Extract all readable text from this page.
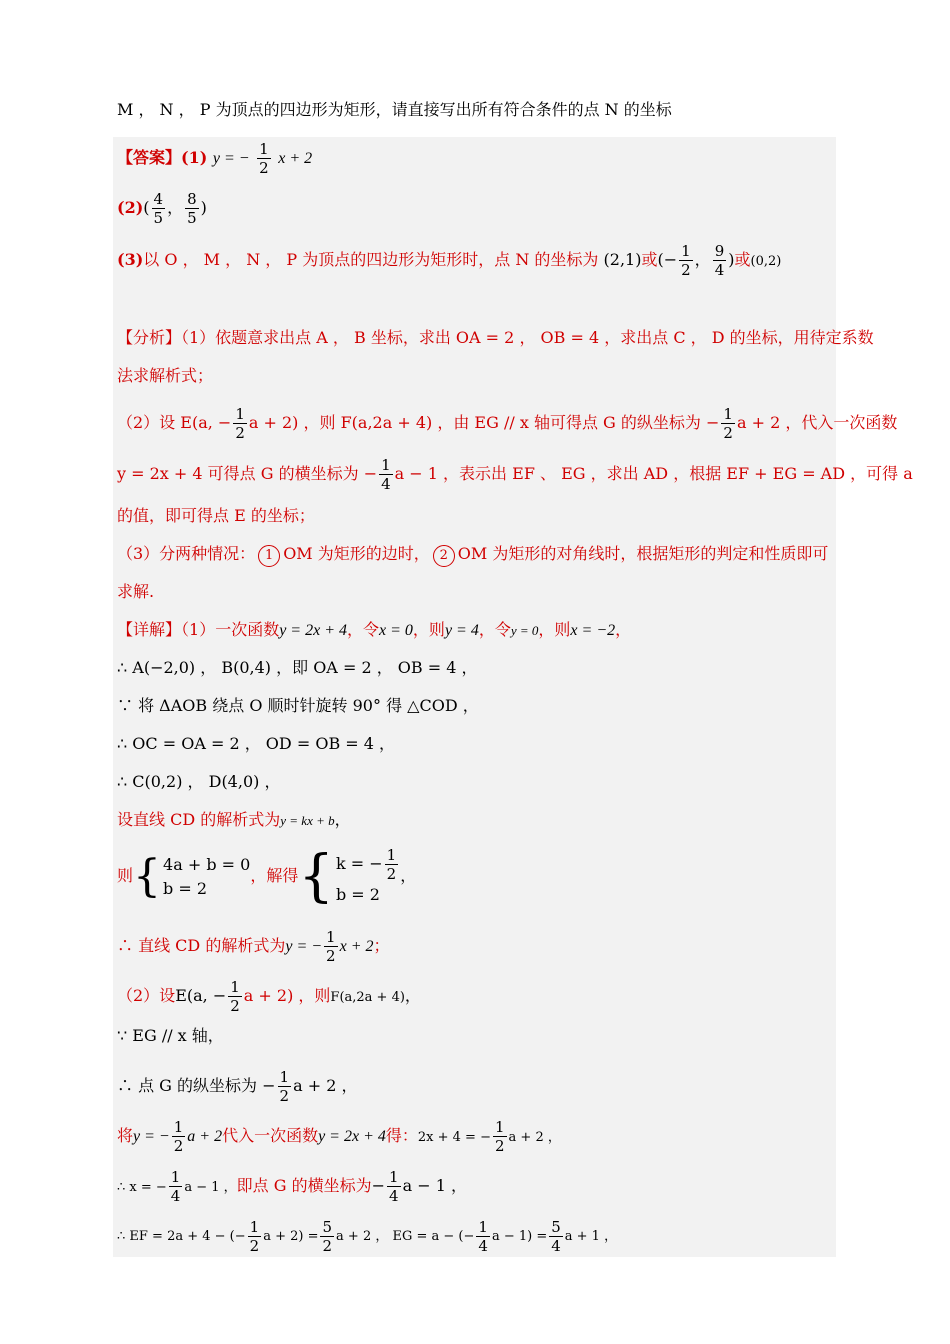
M ， N ， P 为顶点的四边形为矩形，请直接写出所有符合条件的点 N 的坐标
【答案】(1) y = − $\frac{1}{2}$ x + 2
$(2)( \frac{4}{5}$ ， $\frac{8}{5}$ )
(3)以 O ， M ， N ， P 为顶点的四边形为矩形时，点 N 的坐标为 (2,1)或(− $\frac{1}{2}$ ， $\frac{9}{4}$ )或(0,2)
【分析】（1）依题意求出点 A ， B 坐标，求出 OA = 2 ， OB = 4 ，求出点 C ， D 的坐标，用待定系数
法求解析式；
（2）设 E(a, − $\frac{1}{2}$ a + 2) ，则 F(a,2a + 4) ，由 EG // x 轴可得点 G 的纵坐标为 − $\frac{1}{2}$ a + 2 ，代入一次函数
y = 2x + 4 可得点 G 的横坐标为 − $\frac{1}{4}$ a − 1 ，表示出 EF 、 EG ，求出 AD ，根据 EF + EG = AD ，可得 a
的值，即可得点 E 的坐标；
（3）分两种情况： 1 OM 为矩形的边时， 2 OM 为矩形的对角线时，根据矩形的判定和性质即可
求解.
【详解】（1）一次函数y = 2x + 4，令x = 0，则y = 4，令y = 0，则x = −2，
∴ A(−2,0) ， B(0,4) ，即 OA = 2 ， OB = 4 ，
∵ 将 ΔAOB 绕点 O 顺时针旋转 90° 得 △COD ，
∴ OC = OA = 2 ， OD = OB = 4 ，
∴ C(0,2) ， D(4,0) ，
设直线 CD 的解析式为y = kx + b，
则{ 4a + b = 0
b = 2
，解得{ k = − $\frac{1}{2}$
b = 2
，
∴ 直线 CD 的解析式为y = − $\frac{1}{2}$ x + 2；
（2）设E(a, − $\frac{1}{2}$ a + 2) ，则F(a,2a + 4)，
∵ EG // x 轴，
∴ 点 G 的纵坐标为 − $\frac{1}{2}$ a + 2 ，
将y = − $\frac{1}{2}$ a + 2代入一次函数y = 2x + 4得：2x + 4 = − $\frac{1}{2}$ a + 2 ，
∴ x = − $\frac{1}{4}$ a − 1 ，即点 G 的横坐标为− $\frac{1}{4}$ a − 1 ，
∴ EF = 2a + 4 − (− $\frac{1}{2}$ $a + 2) = \frac{5}{2}$ a + 2 ， EG = a − (− $\frac{1}{4}$ $a - 1) = \frac{5}{4}$ a + 1 ，
